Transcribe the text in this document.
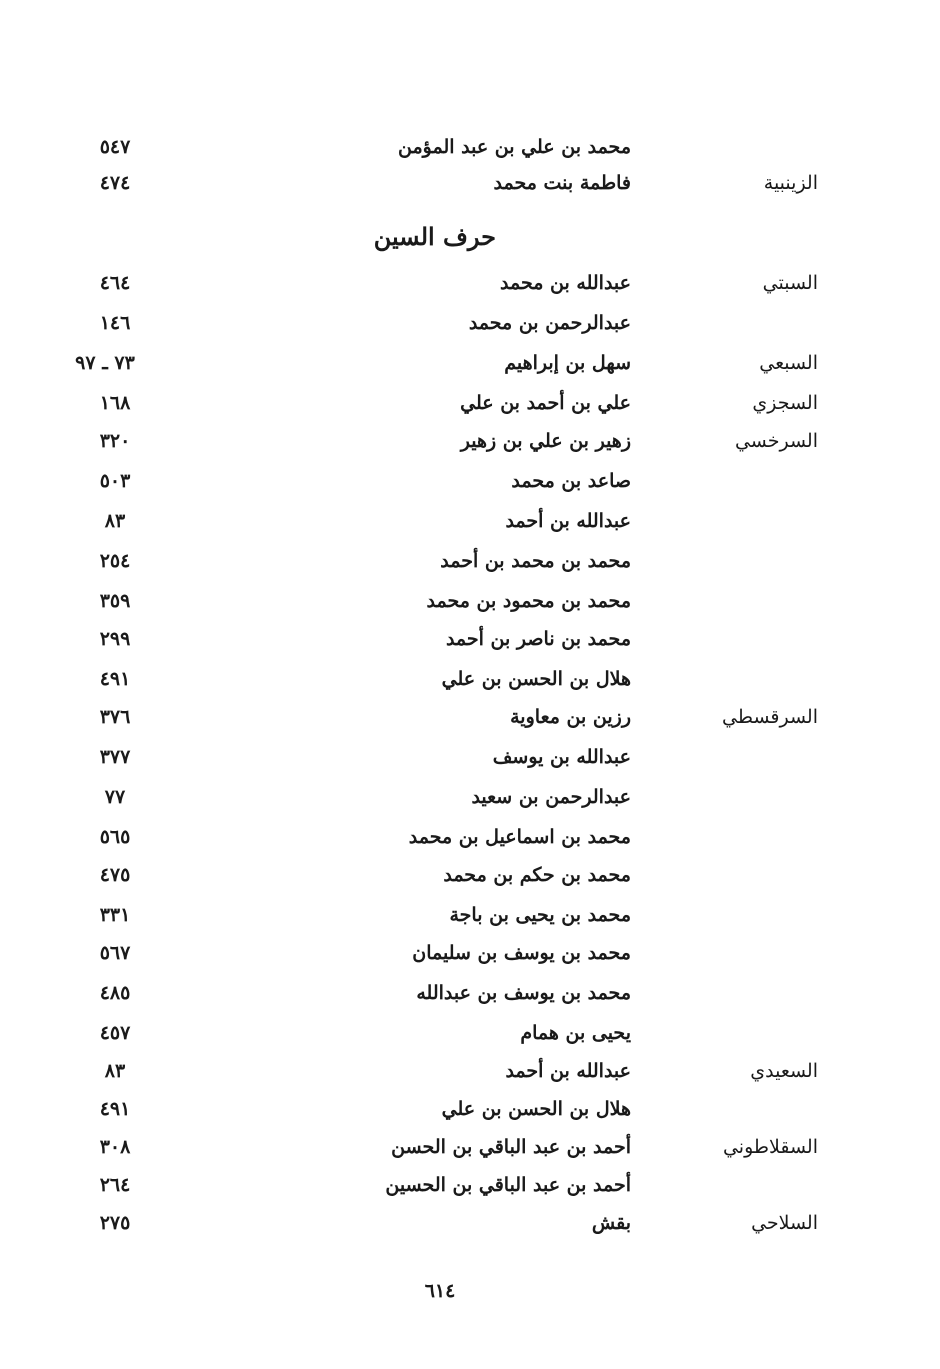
محمد بن علي بن عبد المؤمن
٥٤٧
الزينبية
فاطمة بنت محمد
٤٧٤
حرف السين
السبتي
عبدالله بن محمد
٤٦٤
عبدالرحمن بن محمد
١٤٦
السبعي
سهل بن إبراهيم
٧٣ ـ ٩٧
السجزي
علي بن أحمد بن علي
١٦٨
السرخسي
زهير بن علي بن زهير
٣٢٠
صاعد بن محمد
٥٠٣
عبدالله بن أحمد
٨٣
محمد بن محمد بن أحمد
٢٥٤
محمد بن محمود بن محمد
٣٥٩
محمد بن ناصر بن أحمد
٢٩٩
هلال بن الحسن بن علي
٤٩١
السرقسطي
رزين بن معاوية
٣٧٦
عبدالله بن يوسف
٣٧٧
عبدالرحمن بن سعيد
٧٧
محمد بن اسماعيل بن محمد
٥٦٥
محمد بن حكم بن محمد
٤٧٥
محمد بن يحيى بن باجة
٣٣١
محمد بن يوسف بن سليمان
٥٦٧
محمد بن يوسف بن عبدالله
٤٨٥
يحيى بن همام
٤٥٧
السعيدي
عبدالله بن أحمد
٨٣
هلال بن الحسن بن علي
٤٩١
السقلاطوني
أحمد بن عبد الباقي بن الحسن
٣٠٨
أحمد بن عبد الباقي بن الحسين
٢٦٤
السلاحي
بقش
٢٧٥
٦١٤
